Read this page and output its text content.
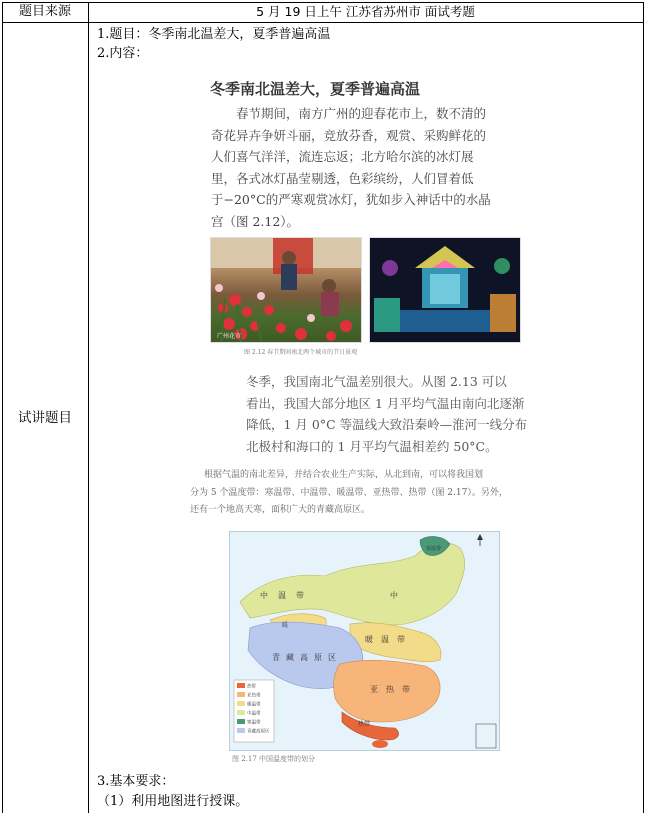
题目来源	5 月 19 日上午 江苏省苏州市 面试考题
试讲题目
1.题目：冬季南北温差大，夏季普遍高温
2.内容：
冬季南北温差大，夏季普遍高温
春节期间，南方广州的迎春花市上，数不清的
奇花异卉争妍斗丽，竞放芬香，观赏、采购鲜花的
人们喜气洋洋，流连忘返；北方哈尔滨的冰灯展
里，各式冰灯晶莹剔透，色彩缤纷，人们冒着低
于−20°C的严寒观赏冰灯，犹如步入神话中的水晶
宫（图 2.12）。
广州花市
图 2.12 春节期间南北两个城市的节日景观
冬季，我国南北气温差别很大。从图 2.13 可以
看出，我国大部分地区 1 月平均气温由南向北逐渐
降低，1 月 0°C 等温线大致沿秦岭—淮河一线分布
北极村和海口的 1 月平均气温相差约 50°C。
根据气温的南北差异，并结合农业生产实际，从北到南，可以将我国划
分为 5 个温度带：寒温带、中温带、暖温带、亚热带、热带（图 2.17）。另外，
还有一个地高天寒，面积广大的青藏高原区。
热带
亚热带
暖温带
中温带
寒温带
青藏高原区
寒温带
中温带	中
暖温带
暖
青藏高原区
亚热带
热带
图 2.17 中国温度带的划分
3.基本要求：
（1）利用地图进行授课。
